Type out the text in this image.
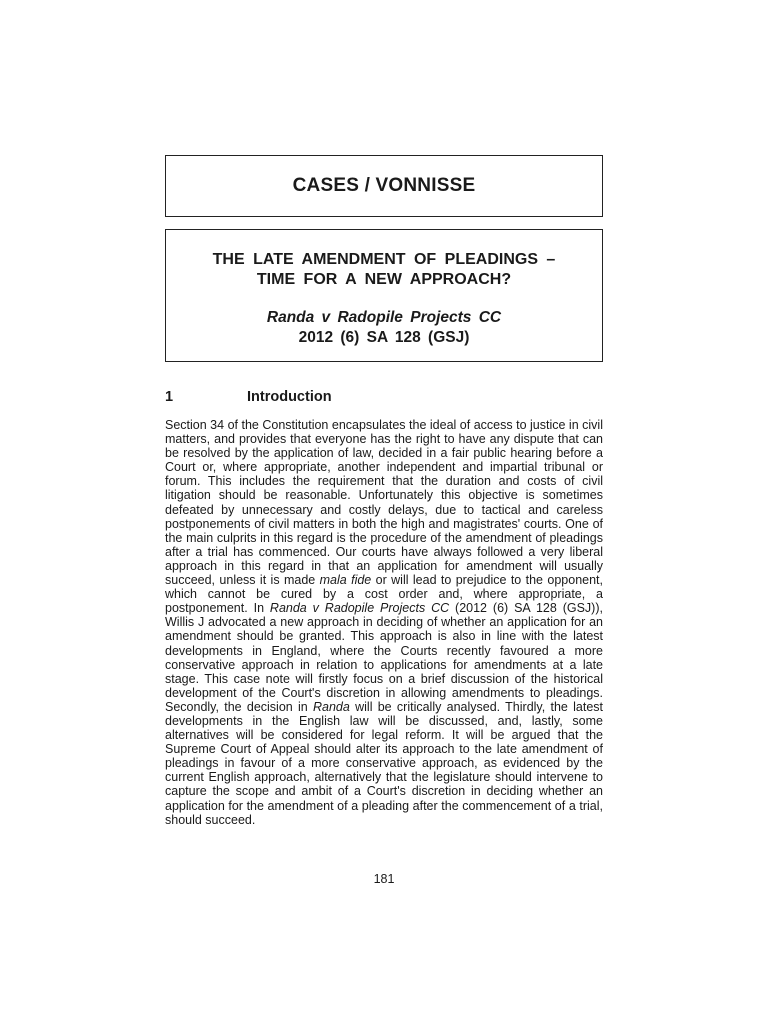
CASES / VONNISSE
THE LATE AMENDMENT OF PLEADINGS –
TIME FOR A NEW APPROACH?
Randa v Radopile Projects CC
2012 (6) SA 128 (GSJ)
1	Introduction

Section 34 of the Constitution encapsulates the ideal of access to justice in civil matters, and provides that everyone has the right to have any dispute that can be resolved by the application of law, decided in a fair public hearing before a Court or, where appropriate, another independent and impartial tribunal or forum. This includes the requirement that the duration and costs of civil litigation should be reasonable. Unfortunately this objective is sometimes defeated by unnecessary and costly delays, due to tactical and careless postponements of civil matters in both the high and magistrates' courts. One of the main culprits in this regard is the procedure of the amendment of pleadings after a trial has commenced. Our courts have always followed a very liberal approach in this regard in that an application for amendment will usually succeed, unless it is made mala fide or will lead to prejudice to the opponent, which cannot be cured by a cost order and, where appropriate, a postponement. In Randa v Radopile Projects CC (2012 (6) SA 128 (GSJ)), Willis J advocated a new approach in deciding of whether an application for an amendment should be granted. This approach is also in line with the latest developments in England, where the Courts recently favoured a more conservative approach in relation to applications for amendments at a late stage. This case note will firstly focus on a brief discussion of the historical development of the Court's discretion in allowing amendments to pleadings. Secondly, the decision in Randa will be critically analysed. Thirdly, the latest developments in the English law will be discussed, and, lastly, some alternatives will be considered for legal reform. It will be argued that the Supreme Court of Appeal should alter its approach to the late amendment of pleadings in favour of a more conservative approach, as evidenced by the current English approach, alternatively that the legislature should intervene to capture the scope and ambit of a Court's discretion in deciding whether an application for the amendment of a pleading after the commencement of a trial, should succeed.

181
